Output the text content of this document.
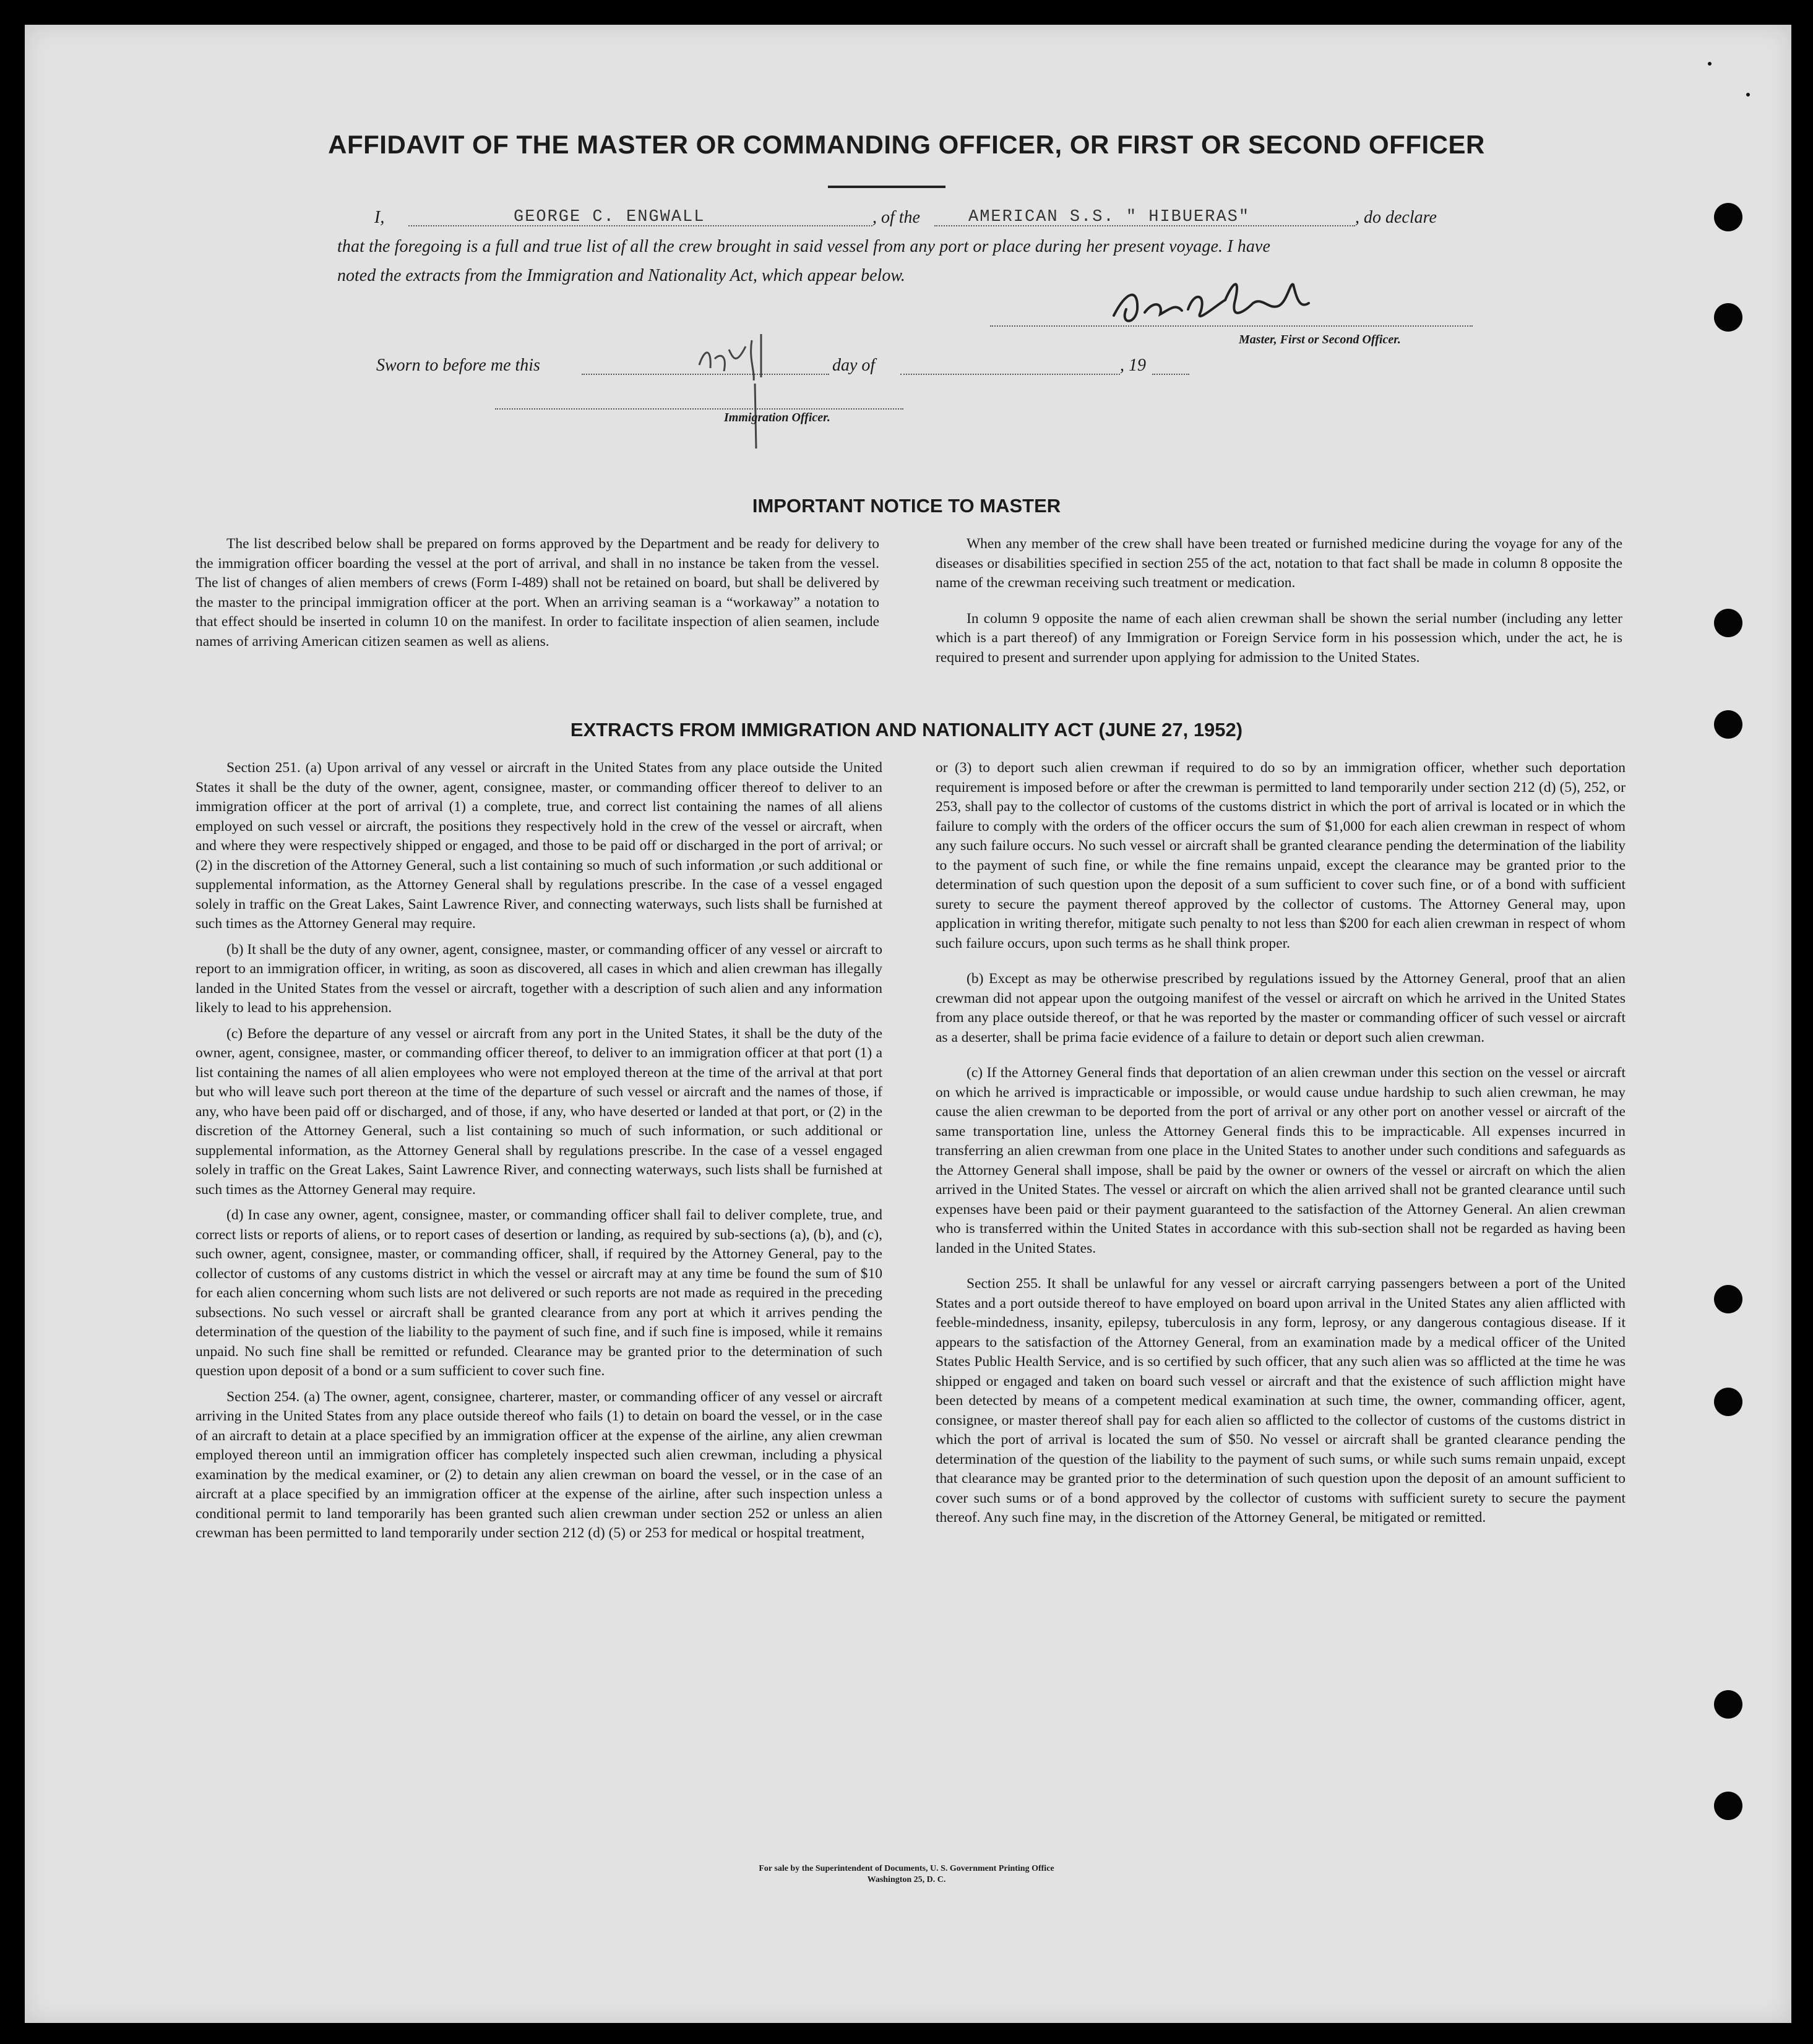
AFFIDAVIT OF THE MASTER OR COMMANDING OFFICER, OR FIRST OR SECOND OFFICER
I,	GEORGE C. ENGWALL	, of the	AMERICAN S.S. " HIBUERAS"	, do declare
that the foregoing is a full and true list of all the crew brought in said vessel from any port or place during her present voyage. I have
noted the extracts from the Immigration and Nationality Act, which appear below.
Master, First or Second Officer.
Sworn to before me this	day of	, 19
Immigration Officer.
IMPORTANT NOTICE TO MASTER

The list described below shall be prepared on forms approved by the Department and be ready for delivery to the immigration officer boarding the vessel at the port of arrival, and shall in no instance be taken from the vessel. The list of changes of alien members of crews (Form I-489) shall not be retained on board, but shall be delivered by the master to the principal immigration officer at the port. When an arriving seaman is a “workaway” a notation to that effect should be inserted in column 10 on the manifest. In order to facilitate inspection of alien seamen, include names of arriving American citizen seamen as well as aliens.

When any member of the crew shall have been treated or furnished medicine during the voyage for any of the diseases or disabilities specified in section 255 of the act, notation to that fact shall be made in column 8 opposite the name of the crewman receiving such treatment or medication.

In column 9 opposite the name of each alien crewman shall be shown the serial number (including any letter which is a part thereof) of any Immigration or Foreign Service form in his possession which, under the act, he is required to present and surrender upon applying for admission to the United States.

EXTRACTS FROM IMMIGRATION AND NATIONALITY ACT (JUNE 27, 1952)

Section 251. (a) Upon arrival of any vessel or aircraft in the United States from any place outside the United States it shall be the duty of the owner, agent, consignee, master, or commanding officer thereof to deliver to an immigration officer at the port of arrival (1) a complete, true, and correct list containing the names of all aliens employed on such vessel or aircraft, the positions they respectively hold in the crew of the vessel or aircraft, when and where they were respectively shipped or engaged, and those to be paid off or discharged in the port of arrival; or (2) in the discretion of the Attorney General, such a list containing so much of such information ,or such additional or supplemental information, as the Attorney General shall by regulations prescribe. In the case of a vessel engaged solely in traffic on the Great Lakes, Saint Lawrence River, and connecting waterways, such lists shall be furnished at such times as the Attorney General may require.

(b) It shall be the duty of any owner, agent, consignee, master, or commanding officer of any vessel or aircraft to report to an immigration officer, in writing, as soon as discovered, all cases in which and alien crewman has illegally landed in the United States from the vessel or aircraft, together with a description of such alien and any information likely to lead to his apprehension.

(c) Before the departure of any vessel or aircraft from any port in the United States, it shall be the duty of the owner, agent, consignee, master, or commanding officer thereof, to deliver to an immigration officer at that port (1) a list containing the names of all alien employees who were not employed thereon at the time of the arrival at that port but who will leave such port thereon at the time of the departure of such vessel or aircraft and the names of those, if any, who have been paid off or discharged, and of those, if any, who have deserted or landed at that port, or (2) in the discretion of the Attorney General, such a list containing so much of such information, or such additional or supplemental information, as the Attorney General shall by regulations prescribe. In the case of a vessel engaged solely in traffic on the Great Lakes, Saint Lawrence River, and connecting waterways, such lists shall be furnished at such times as the Attorney General may require.

(d) In case any owner, agent, consignee, master, or commanding officer shall fail to deliver complete, true, and correct lists or reports of aliens, or to report cases of desertion or landing, as required by sub-sections (a), (b), and (c), such owner, agent, consignee, master, or commanding officer, shall, if required by the Attorney General, pay to the collector of customs of any customs district in which the vessel or aircraft may at any time be found the sum of $10 for each alien concerning whom such lists are not delivered or such reports are not made as required in the preceding subsections. No such vessel or aircraft shall be granted clearance from any port at which it arrives pending the determination of the question of the liability to the payment of such fine, and if such fine is imposed, while it remains unpaid. No such fine shall be remitted or refunded. Clearance may be granted prior to the determination of such question upon deposit of a bond or a sum sufficient to cover such fine.

Section 254. (a) The owner, agent, consignee, charterer, master, or commanding officer of any vessel or aircraft arriving in the United States from any place outside thereof who fails (1) to detain on board the vessel, or in the case of an aircraft to detain at a place specified by an immigration officer at the expense of the airline, any alien crewman employed thereon until an immigration officer has completely inspected such alien crewman, including a physical examination by the medical examiner, or (2) to detain any alien crewman on board the vessel, or in the case of an aircraft at a place specified by an immigration officer at the expense of the airline, after such inspection unless a conditional permit to land temporarily has been granted such alien crewman under section 252 or unless an alien crewman has been permitted to land temporarily under section 212 (d) (5) or 253 for medical or hospital treatment,

or (3) to deport such alien crewman if required to do so by an immigration officer, whether such deportation requirement is imposed before or after the crewman is permitted to land temporarily under section 212 (d) (5), 252, or 253, shall pay to the collector of customs of the customs district in which the port of arrival is located or in which the failure to comply with the orders of the officer occurs the sum of $1,000 for each alien crewman in respect of whom any such failure occurs. No such vessel or aircraft shall be granted clearance pending the determination of the liability to the payment of such fine, or while the fine remains unpaid, except the clearance may be granted prior to the determination of such question upon the deposit of a sum sufficient to cover such fine, or of a bond with sufficient surety to secure the payment thereof approved by the collector of customs. The Attorney General may, upon application in writing therefor, mitigate such penalty to not less than $200 for each alien crewman in respect of whom such failure occurs, upon such terms as he shall think proper.

(b) Except as may be otherwise prescribed by regulations issued by the Attorney General, proof that an alien crewman did not appear upon the outgoing manifest of the vessel or aircraft on which he arrived in the United States from any place outside thereof, or that he was reported by the master or commanding officer of such vessel or aircraft as a deserter, shall be prima facie evidence of a failure to detain or deport such alien crewman.

(c) If the Attorney General finds that deportation of an alien crewman under this section on the vessel or aircraft on which he arrived is impracticable or impossible, or would cause undue hardship to such alien crewman, he may cause the alien crewman to be deported from the port of arrival or any other port on another vessel or aircraft of the same transportation line, unless the Attorney General finds this to be impracticable. All expenses incurred in transferring an alien crewman from one place in the United States to another under such conditions and safeguards as the Attorney General shall impose, shall be paid by the owner or owners of the vessel or aircraft on which the alien arrived in the United States. The vessel or aircraft on which the alien arrived shall not be granted clearance until such expenses have been paid or their payment guaranteed to the satisfaction of the Attorney General. An alien crewman who is transferred within the United States in accordance with this sub-section shall not be regarded as having been landed in the United States.

Section 255. It shall be unlawful for any vessel or aircraft carrying passengers between a port of the United States and a port outside thereof to have employed on board upon arrival in the United States any alien afflicted with feeble-mindedness, insanity, epilepsy, tuberculosis in any form, leprosy, or any dangerous contagious disease. If it appears to the satisfaction of the Attorney General, from an examination made by a medical officer of the United States Public Health Service, and is so certified by such officer, that any such alien was so afflicted at the time he was shipped or engaged and taken on board such vessel or aircraft and that the existence of such affliction might have been detected by means of a competent medical examination at such time, the owner, commanding officer, agent, consignee, or master thereof shall pay for each alien so afflicted to the collector of customs of the customs district in which the port of arrival is located the sum of $50. No vessel or aircraft shall be granted clearance pending the determination of the question of the liability to the payment of such sums, or while such sums remain unpaid, except that clearance may be granted prior to the determination of such question upon the deposit of an amount sufficient to cover such sums or of a bond approved by the collector of customs with sufficient surety to secure the payment thereof. Any such fine may, in the discretion of the Attorney General, be mitigated or remitted.

For sale by the Superintendent of Documents, U. S. Government Printing Office
Washington 25, D. C.
